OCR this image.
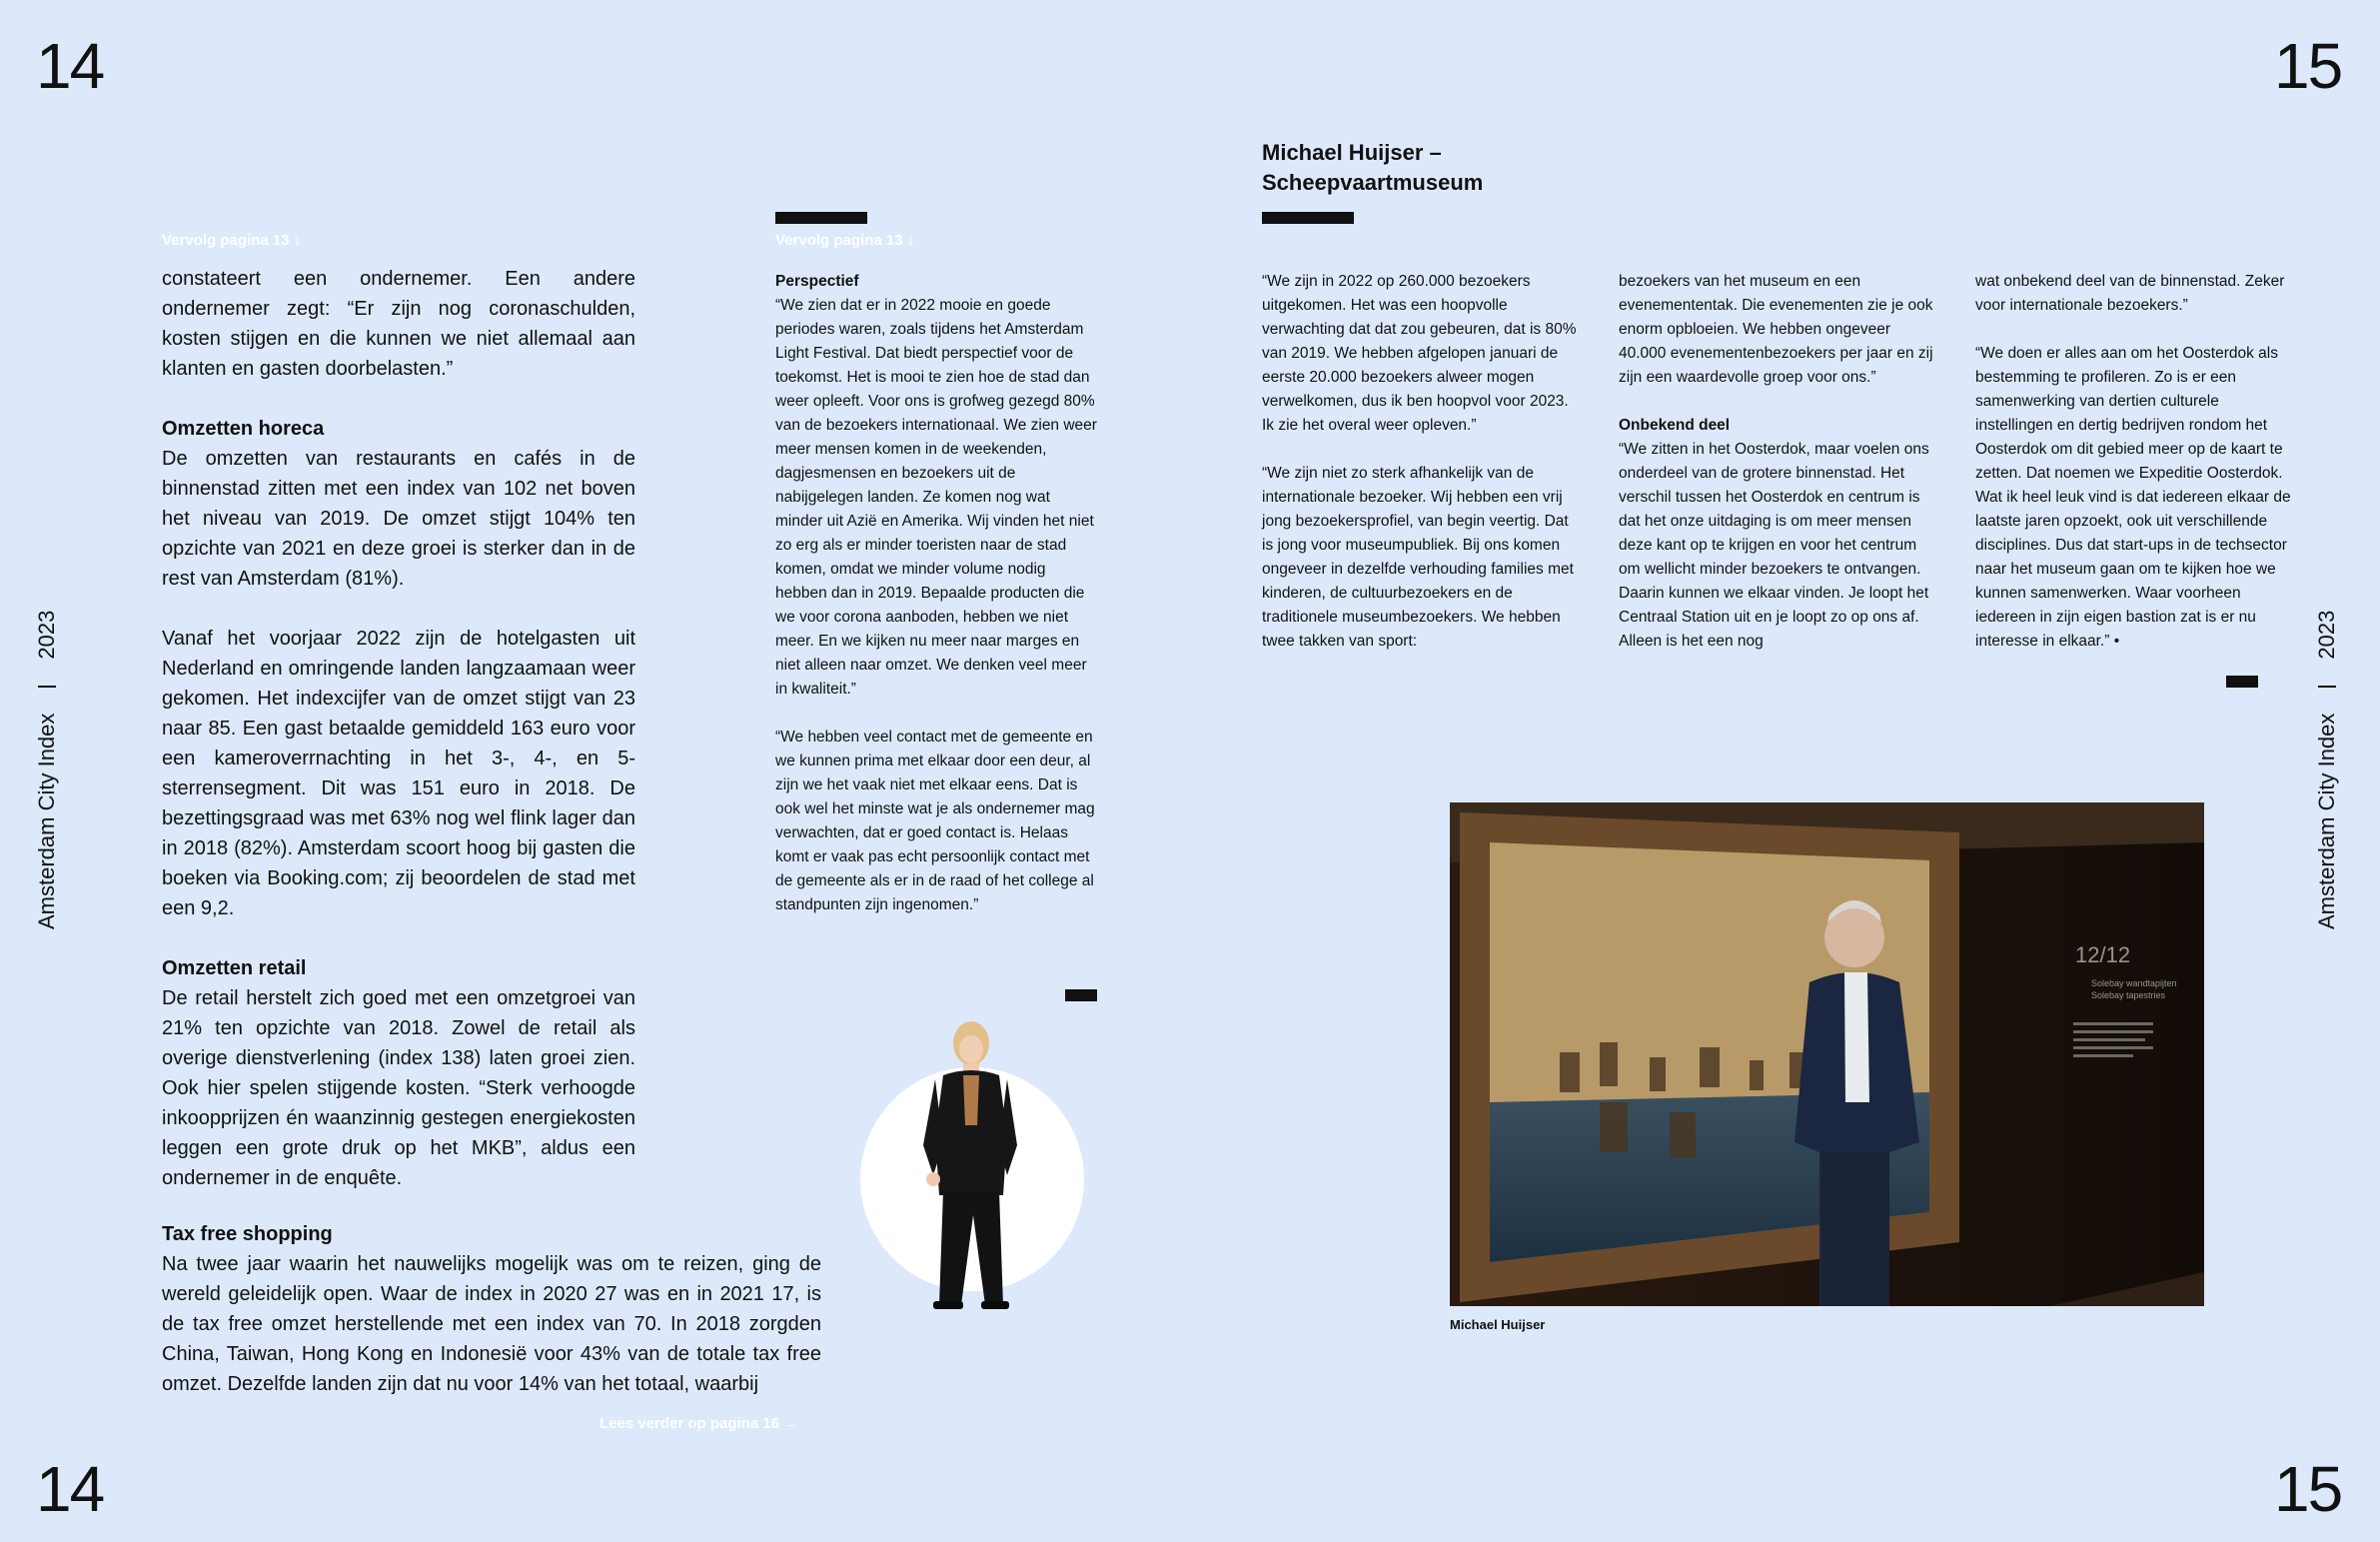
14	15
14	15
Amsterdam City Index2023
Amsterdam City Index2023
Vervolg pagina 13 ↓

constateert een ondernemer. Een andere ondernemer zegt: “Er zijn nog coronaschulden, kosten stijgen en die kunnen we niet allemaal aan klanten en gasten doorbelasten.”

Omzetten horeca

De omzetten van restaurants en cafés in de binnenstad zitten met een index van 102 net boven het niveau van 2019. De omzet stijgt 104% ten opzichte van 2021 en deze groei is sterker dan in de rest van Amsterdam (81%).

Vanaf het voorjaar 2022 zijn de hotelgasten uit Nederland en omringende landen langzaamaan weer gekomen. Het indexcijfer van de omzet stijgt van 23 naar 85. Een gast betaalde gemiddeld 163 euro voor een kameroverrnachting in het 3-, 4-, en 5-sterrensegment. Dit was 151 euro in 2018. De bezettingsgraad was met 63% nog wel flink lager dan in 2018 (82%). Amsterdam scoort hoog bij gasten die boeken via Booking.com; zij beoordelen de stad met een 9,2.

Omzetten retail

De retail herstelt zich goed met een omzetgroei van 21% ten opzichte van 2018. Zowel de retail als overige dienstverlening (index 138) laten groei zien. Ook hier spelen stijgende kosten. “Sterk verhoogde inkoopprijzen én waanzinnig gestegen energiekosten leggen een grote druk op het MKB”, aldus een ondernemer in de enquête.

Tax free shopping

Na twee jaar waarin het nauwelijks mogelijk was om te reizen, ging de wereld geleidelijk open. Waar de index in 2020 27 was en in 2021 17, is de tax free omzet herstellende met een index van 70. In 2018 zorgden China, Taiwan, Hong Kong en Indonesië voor 43% van de totale tax free omzet. Dezelfde landen zijn dat nu voor 14% van het totaal, waarbij

Lees verder op pagina 16 →
Vervolg pagina 13 ↓
Perspectief

“We zien dat er in 2022 mooie en goede periodes waren, zoals tijdens het Amsterdam Light Festival. Dat biedt perspectief voor de toekomst. Het is mooi te zien hoe de stad dan weer opleeft. Voor ons is grofweg gezegd 80% van de bezoekers internationaal. We zien weer meer mensen komen in de weekenden, dagjesmensen en bezoekers uit de nabijgelegen landen. Ze komen nog wat minder uit Azië en Amerika. Wij vinden het niet zo erg als er minder toeristen naar de stad komen, omdat we minder volume nodig hebben dan in 2019. Bepaalde producten die we voor corona aanboden, hebben we niet meer. En we kijken nu meer naar marges en niet alleen naar omzet. We denken veel meer in kwaliteit.”

“We hebben veel contact met de gemeente en we kunnen prima met elkaar door een deur, al zijn we het vaak niet met elkaar eens. Dat is ook wel het minste wat je als ondernemer mag verwachten, dat er goed contact is. Helaas komt er vaak pas echt persoonlijk contact met de gemeente als er in de raad of het college al standpunten zijn ingenomen.”

Michael Huijser –
Scheepvaartmuseum

“We zijn in 2022 op 260.000 bezoekers uitgekomen. Het was een hoopvolle verwachting dat dat zou gebeuren, dat is 80% van 2019. We hebben afgelopen januari de eerste 20.000 bezoekers alweer mogen verwelkomen, dus ik ben hoopvol voor 2023. Ik zie het overal weer opleven.”

“We zijn niet zo sterk afhankelijk van de internationale bezoeker. Wij hebben een vrij jong bezoekersprofiel, van begin veertig. Dat is jong voor museumpubliek. Bij ons komen ongeveer in dezelfde verhouding families met kinderen, de cultuurbezoekers en de traditionele museumbezoekers. We hebben twee takken van sport:

bezoekers van het museum en een evenemententak. Die evenementen zie je ook enorm opbloeien. We hebben ongeveer 40.000 evenementenbezoekers per jaar en zij zijn een waardevolle groep voor ons.”

Onbekend deel

“We zitten in het Oosterdok, maar voelen ons onderdeel van de grotere binnenstad. Het verschil tussen het Oosterdok en centrum is dat het onze uitdaging is om meer mensen deze kant op te krijgen en voor het centrum om wellicht minder bezoekers te ontvangen. Daarin kunnen we elkaar vinden. Je loopt het Centraal Station uit en je loopt zo op ons af. Alleen is het een nog

wat onbekend deel van de binnenstad. Zeker voor internationale bezoekers.”

“We doen er alles aan om het Oosterdok als bestemming te profileren. Zo is er een samenwerking van dertien culturele instellingen en dertig bedrijven rondom het Oosterdok om dit gebied meer op de kaart te zetten. Dat noemen we Expeditie Oosterdok. Wat ik heel leuk vind is dat iedereen elkaar de laatste jaren opzoekt, ook uit verschillende disciplines. Dus dat start-ups in de techsector naar het museum gaan om te kijken hoe we kunnen samenwerken. Waar voorheen iedereen in zijn eigen bastion zat is er nu interesse in elkaar.” •

12/12
Solebay wandtapijten
Solebay tapestries
Michael Huijser
